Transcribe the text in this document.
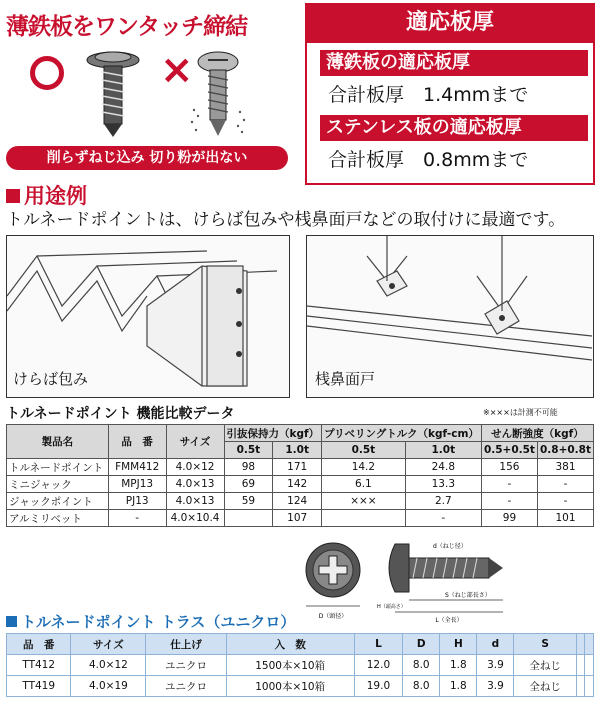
薄鉄板をワンタッチ締結
×
削らずねじ込み 切り粉が出ない
適応板厚
薄鉄板の適応板厚
合計板厚　1.4mmまで
ステンレス板の適応板厚
合計板厚　0.8mmまで
用途例
トルネードポイントは、けらば包みや桟鼻面戸などの取付けに最適です。
けらば包み	桟鼻面戸
トルネードポイント 機能比較データ	※×××は計測不可能
製品名	品　番	サイズ	引抜保持力（kgf）		プリベリングトルク（kgf-cm）		せん断強度（kgf）	
			0.5t	1.0t	0.5t	1.0t	0.5+0.5t	0.8+0.8t
トルネードポイント	FMM412	4.0×12	98	171	14.2	24.8	156	381
ミニジャック	MPJ13	4.0×13	69	142	6.1	13.3	-	-
ジャックポイント	PJ13	4.0×13	59	124	×××	2.7	-	-
アルミリベット	-	4.0×10.4		107		-	99	101
D（頭径）
d（ねじ径）
S（ねじ部長さ）
L（全長）
H（頭高さ）
トルネードポイント トラス（ユニクロ）
品　番	サイズ	仕上げ	入　数	L	D	H	d	S		
TT412	4.0×12	ユニクロ	1500本×10箱	12.0	8.0	1.8	3.9	全ねじ		
TT419	4.0×19	ユニクロ	1000本×10箱	19.0	8.0	1.8	3.9	全ねじ		
